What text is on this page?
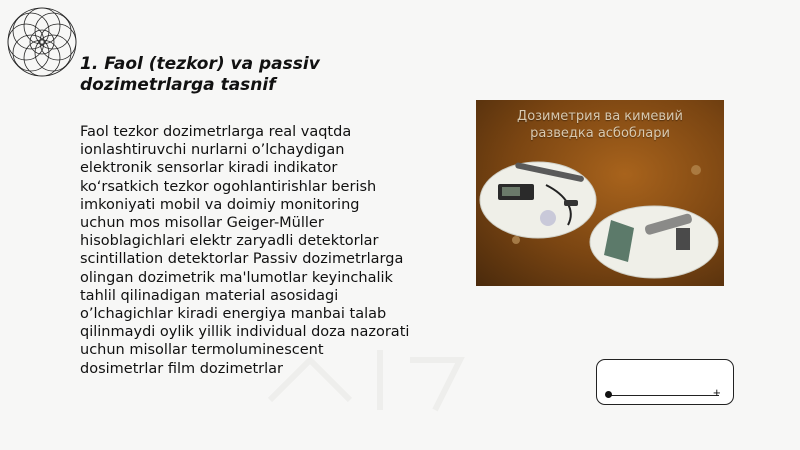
1. Faol (tezkor) va passiv
dozimetrlarga tasnif
Faol tezkor dozimetrlarga real vaqtda
ionlashtiruvchi nurlarni o’lchaydigan
elektronik sensorlar kiradi indikator
ko‘rsatkich tezkor ogohlantirishlar berish
imkoniyati mobil va doimiy monitoring
uchun mos misollar Geiger-Müller
hisoblagichlari elektr zaryadli detektorlar
scintillation detektorlar Passiv dozimetrlarga
olingan dozimetrik ma'lumotlar keyinchalik
tahlil qilinadigan material asosidagi
o’lchagichlar kiradi energiya manbai talab
qilinmaydi oylik yillik individual doza nazorati
uchun misollar termoluminescent
dosimetrlar film dozimetrlar
Дозиметрия ва кимевий
разведка асбоблари
+
